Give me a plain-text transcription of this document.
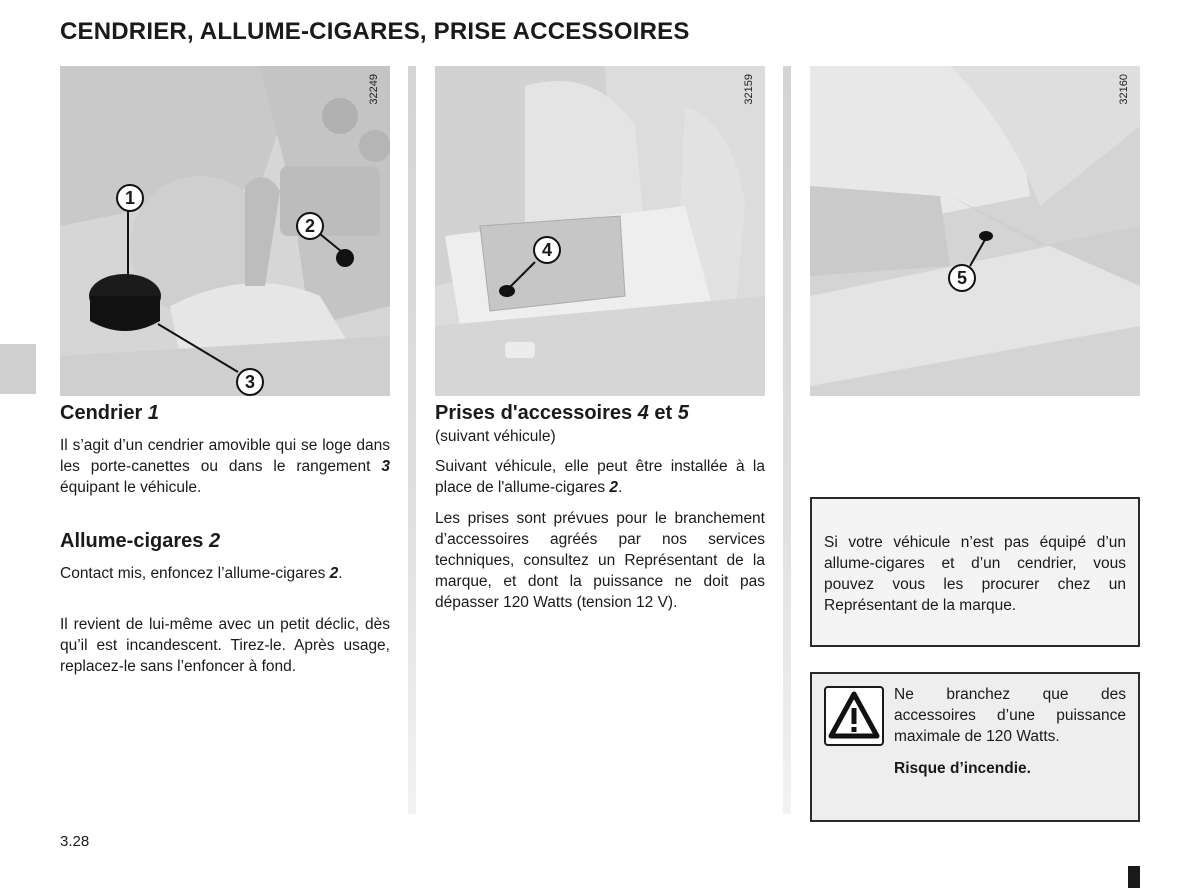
CENDRIER, ALLUME-CIGARES, PRISE ACCESSOIRES
1
2
3
32249
4
32159
5
32160
Cendrier 1

Il s’agit d’un cendrier amovible qui se loge dans les porte-canettes ou dans le rangement 3 équipant le véhicule.

Allume-cigares 2

Contact mis, enfoncez l’allume-cigares 2.

Il revient de lui-même avec un petit déclic, dès qu’il est incandescent. Tirez-le. Après usage, replacez-le sans l’enfoncer à fond.

Prises d'accessoires 4 et 5
(suivant véhicule)

Suivant véhicule, elle peut être installée à la place de l'allume-cigares 2.

Les prises sont prévues pour le branchement d’accessoires agréés par nos services techniques, consultez un Représentant de la marque, et dont la puissance ne doit pas dépasser 120 Watts (tension 12 V).

Si votre véhicule n’est pas équipé d’un allume-cigares et d’un cendrier, vous pouvez vous les procurer chez un Représentant de la marque.

Ne branchez que des accessoires d’une puissance maximale de 120 Watts.

Risque d’incendie.

3.28
